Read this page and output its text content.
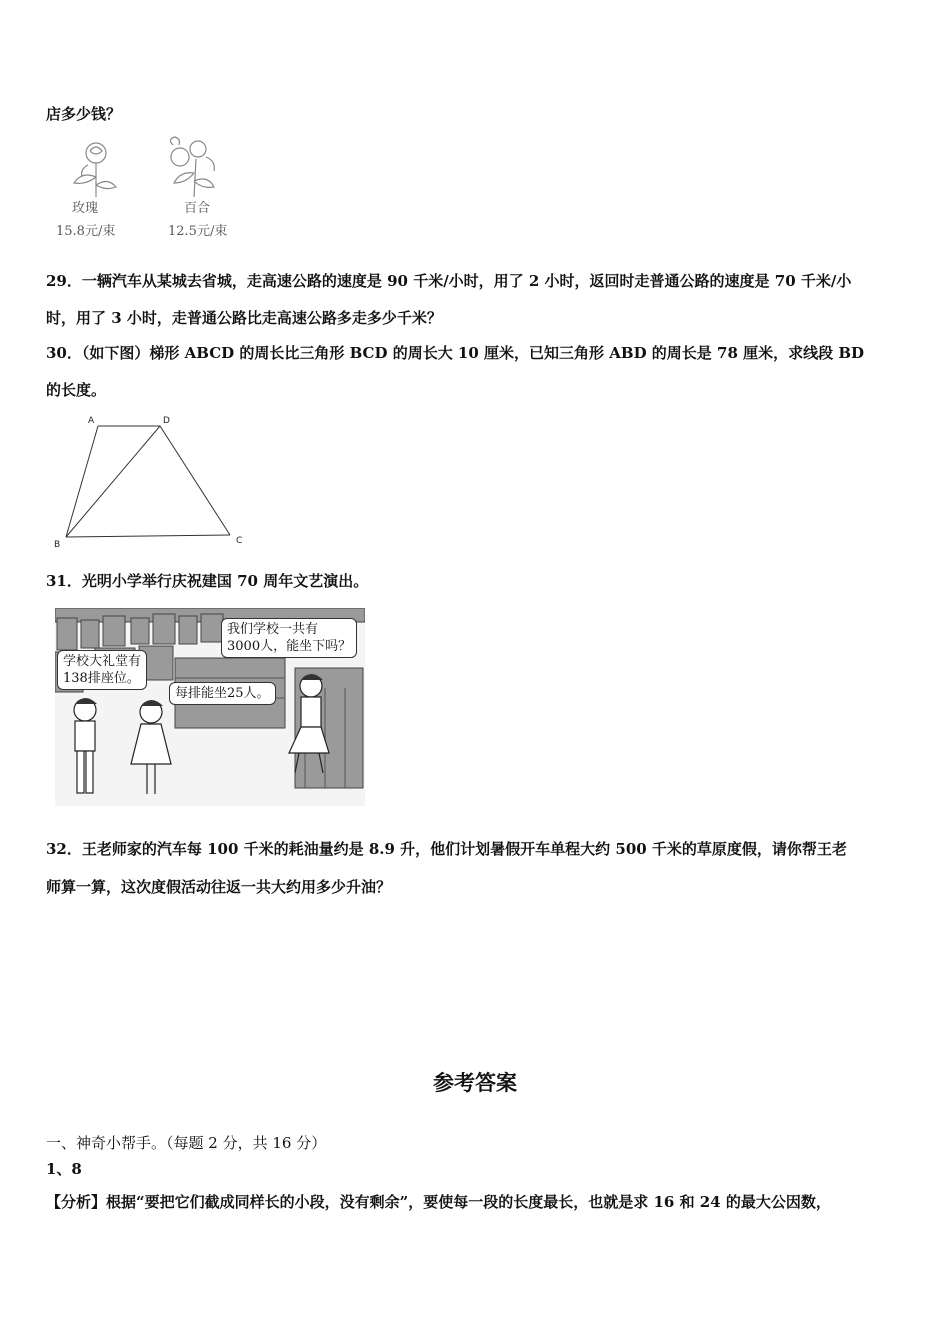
店多少钱？
玫瑰
15.8元/束
百合
12.5元/束
29．一辆汽车从某城去省城，走高速公路的速度是 90 千米/小时，用了 2 小时，返回时走普通公路的速度是 70 千米/小
时，用了 3 小时，走普通公路比走高速公路多走多少千米？
30．（如下图）梯形 ABCD 的周长比三角形 BCD 的周长大 10 厘米，已知三角形 ABD 的周长是 78 厘米，求线段 BD
的长度。
A	D
B	C
31．光明小学举行庆祝建国 70 周年文艺演出。
学校大礼堂有
138排座位。
每排能坐25人。
我们学校一共有
3000人，能坐下吗？
32．王老师家的汽车每 100 千米的耗油量约是 8.9 升，他们计划暑假开车单程大约 500 千米的草原度假，请你帮王老
师算一算，这次度假活动往返一共大约用多少升油？
参考答案
一、神奇小帮手。（每题 2 分，共 16 分）
1、8
【分析】根据“要把它们截成同样长的小段，没有剩余”，要使每一段的长度最长，也就是求 16 和 24 的最大公因数，
